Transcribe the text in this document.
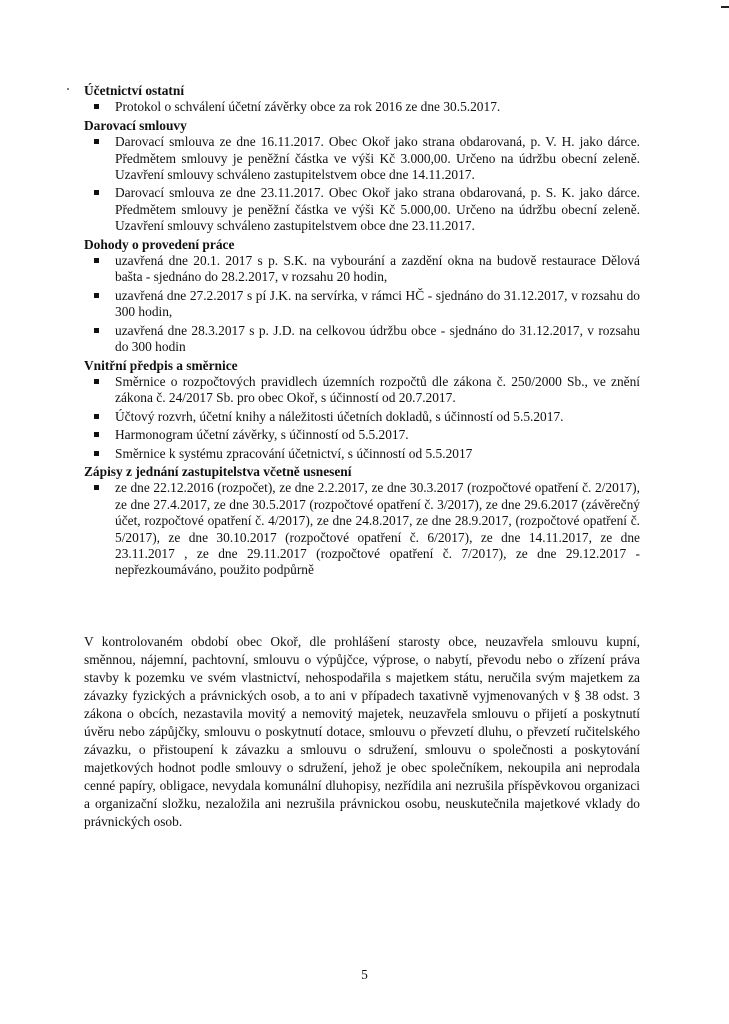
Účetnictví ostatní

Protokol o schválení účetní závěrky obce za rok 2016 ze dne 30.5.2017.

Darovací smlouvy

Darovací smlouva ze dne 16.11.2017. Obec Okoř jako strana obdarovaná, p. V. H. jako dárce. Předmětem smlouvy je peněžní částka ve výši Kč 3.000,00. Určeno na údržbu obecní zeleně. Uzavření smlouvy schváleno zastupitelstvem obce dne 14.11.2017.
Darovací smlouva ze dne 23.11.2017. Obec Okoř jako strana obdarovaná, p. S. K. jako dárce. Předmětem smlouvy je peněžní částka ve výši Kč 5.000,00. Určeno na údržbu obecní zeleně. Uzavření smlouvy schváleno zastupitelstvem obce dne 23.11.2017.

Dohody o provedení práce

uzavřená dne 20.1. 2017 s p. S.K. na vybourání a zazdění okna na budově restaurace Dělová bašta - sjednáno do 28.2.2017, v rozsahu 20 hodin,
uzavřená dne 27.2.2017 s pí J.K. na servírka, v rámci HČ - sjednáno do 31.12.2017, v rozsahu do 300 hodin,
uzavřená dne 28.3.2017 s p. J.D. na celkovou údržbu obce - sjednáno do 31.12.2017, v rozsahu do 300 hodin

Vnitřní předpis a směrnice

Směrnice o rozpočtových pravidlech územních rozpočtů dle zákona č. 250/2000 Sb., ve znění zákona č. 24/2017 Sb. pro obec Okoř, s účinností od 20.7.2017.
Účtový rozvrh, účetní knihy a náležitosti účetních dokladů, s účinností od 5.5.2017.
Harmonogram účetní závěrky, s účinností od 5.5.2017.
Směrnice k systému zpracování účetnictví, s účinností od 5.5.2017

Zápisy z jednání zastupitelstva včetně usnesení

ze dne 22.12.2016 (rozpočet), ze dne 2.2.2017, ze dne 30.3.2017 (rozpočtové opatření č. 2/2017), ze dne 27.4.2017, ze dne 30.5.2017 (rozpočtové opatření č. 3/2017), ze dne 29.6.2017 (závěrečný účet, rozpočtové opatření č. 4/2017), ze dne 24.8.2017, ze dne 28.9.2017, (rozpočtové opatření č. 5/2017), ze dne 30.10.2017 (rozpočtové opatření č. 6/2017), ze dne 14.11.2017, ze dne 23.11.2017 , ze dne 29.11.2017 (rozpočtové opatření č. 7/2017), ze dne 29.12.2017 - nepřezkoumáváno, použito podpůrně

V kontrolovaném období obec Okoř, dle prohlášení starosty obce, neuzavřela smlouvu kupní, směnnou, nájemní, pachtovní, smlouvu o výpůjčce, výprose, o nabytí, převodu nebo o zřízení práva stavby k pozemku ve svém vlastnictví, nehospodařila s majetkem státu, neručila svým majetkem za závazky fyzických a právnických osob, a to ani v případech taxativně vyjmenovaných v § 38 odst. 3 zákona o obcích, nezastavila movitý a nemovitý majetek, neuzavřela smlouvu o přijetí a poskytnutí úvěru nebo zápůjčky, smlouvu o poskytnutí dotace, smlouvu o převzetí dluhu, o převzetí ručitelského závazku, o přistoupení k závazku a smlouvu o sdružení, smlouvu o společnosti a poskytování majetkových hodnot podle smlouvy o sdružení, jehož je obec společníkem, nekoupila ani neprodala cenné papíry, obligace, nevydala komunální dluhopisy, nezřídila ani nezrušila příspěvkovou organizaci a organizační složku, nezaložila ani nezrušila právnickou osobu, neuskutečnila majetkové vklady do právnických osob.

5
